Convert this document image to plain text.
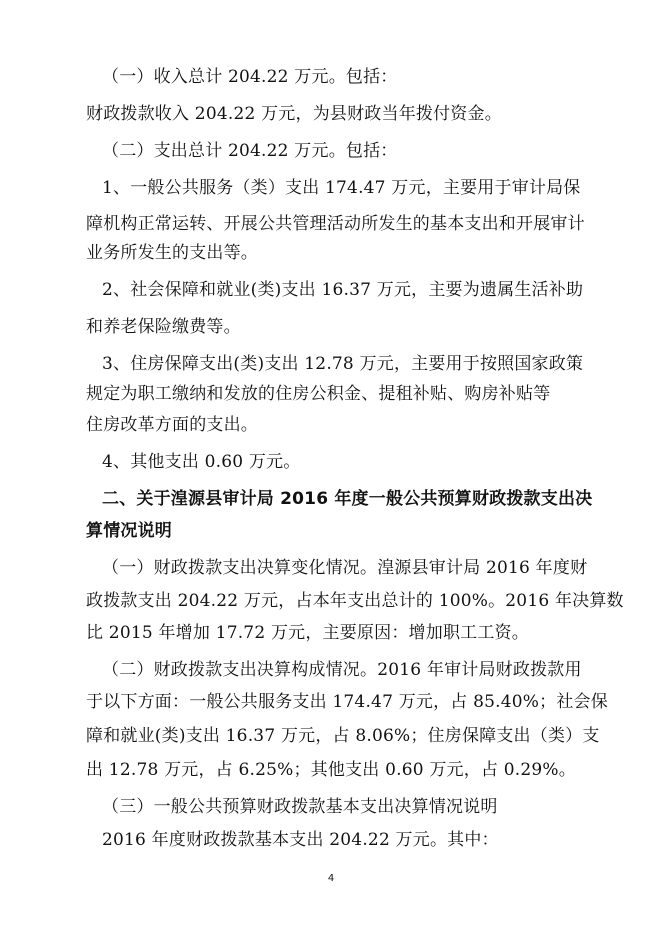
（一）收入总计 204.22 万元。包括：
财政拨款收入 204.22 万元，为县财政当年拨付资金。
（二）支出总计 204.22 万元。包括：
1、一般公共服务（类）支出 174.47 万元，主要用于审计局保
障机构正常运转、开展公共管理活动所发生的基本支出和开展审计
业务所发生的支出等。
2、社会保障和就业(类)支出 16.37 万元，主要为遗属生活补助
和养老保险缴费等。
3、住房保障支出(类)支出 12.78 万元，主要用于按照国家政策
规定为职工缴纳和发放的住房公积金、提租补贴、购房补贴等
住房改革方面的支出。
4、其他支出 0.60 万元。
二、关于湟源县审计局 2016 年度一般公共预算财政拨款支出决
算情况说明
（一）财政拨款支出决算变化情况。湟源县审计局 2016 年度财
政拨款支出 204.22 万元，占本年支出总计的 100%。2016 年决算数
比 2015 年增加 17.72 万元，主要原因：增加职工工资。
（二）财政拨款支出决算构成情况。2016 年审计局财政拨款用
于以下方面：一般公共服务支出 174.47 万元，占 85.40%；社会保
障和就业(类)支出 16.37 万元，占 8.06%；住房保障支出（类）支
出 12.78 万元，占 6.25%；其他支出 0.60 万元，占 0.29%。
（三）一般公共预算财政拨款基本支出决算情况说明
2016 年度财政拨款基本支出 204.22 万元。其中：
4
